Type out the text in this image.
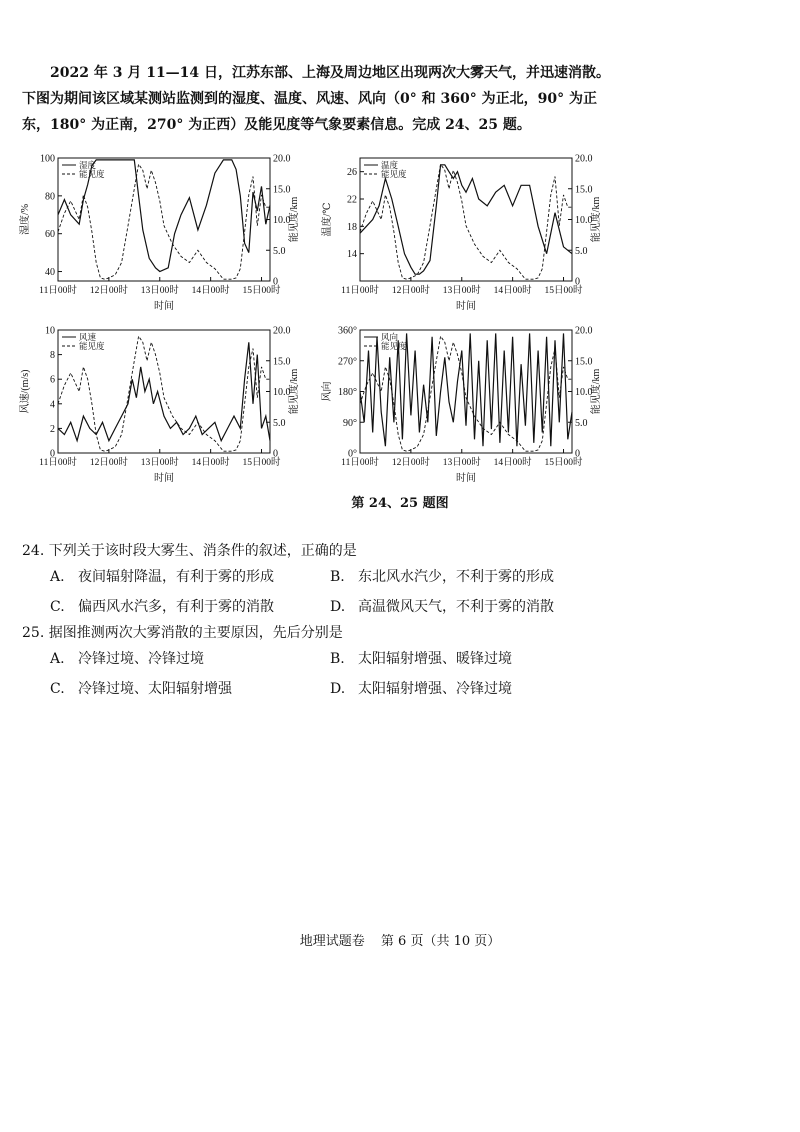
2022 年 3 月 11—14 日，江苏东部、上海及周边地区出现两次大雾天气，并迅速消散。

下图为期间该区域某测站监测到的湿度、温度、风速、风向（0° 和 360° 为正北，90° 为正

东，180° 为正南，270° 为正西）及能见度等气象要素信息。完成 24、25 题。

100
80
60
40
20.0
15.0
10.0
5.0
0
11日00时 12日00时 13日00时 14日00时 15日00时
时间
湿度/%	能见度/km
湿度
能见度	26
22
18
14
20.0
15.0
10.0
5.0
0
11日00时 12日00时 13日00时 14日00时 15日00时
时间
温度/℃	能见度/km
温度
能见度
10
8
6
4
2
0
20.0
15.0
10.0
5.0
0
11日00时 12日00时 13日00时 14日00时 15日00时
时间
风速/(m/s)	能见度/km
风速
能见度
360°
270°
180°
90°
0°
20.0
15.0
10.0
5.0
0
11日00时 12日00时 13日00时 14日00时 15日00时
时间
风向	能见度/km
风向
能见度
第 24、25 题图

24. 下列关于该时段大雾生、消条件的叙述，正确的是

A. 夜间辐射降温，有利于雾的形成	B. 东北风水汽少，不利于雾的形成
C. 偏西风水汽多，有利于雾的消散	D. 高温微风天气，不利于雾的消散

25. 据图推测两次大雾消散的主要原因，先后分别是

A. 冷锋过境、冷锋过境	B. 太阳辐射增强、暖锋过境
C. 冷锋过境、太阳辐射增强	D. 太阳辐射增强、冷锋过境
地理试题卷 第 6 页（共 10 页）
